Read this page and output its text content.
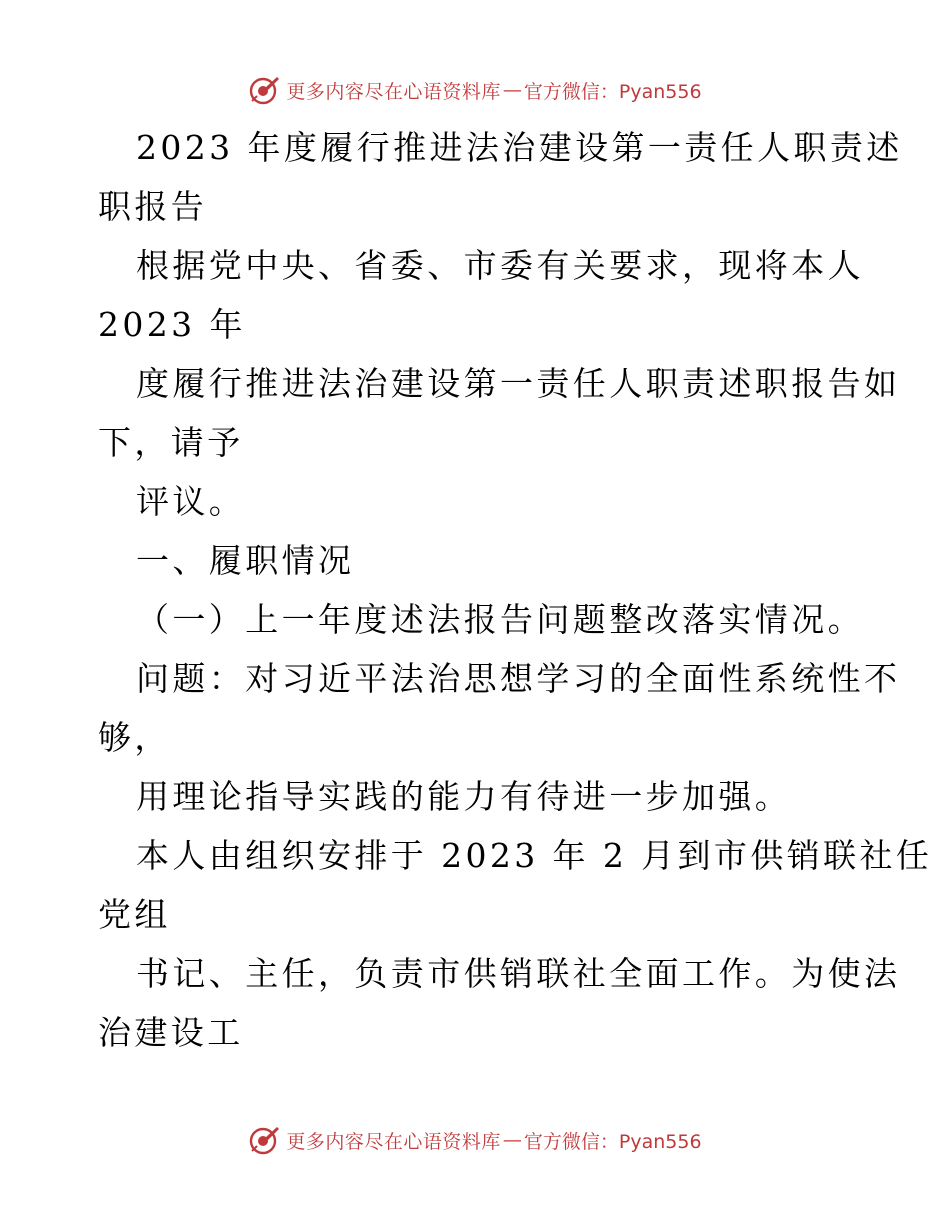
更多内容尽在心语资料库 — 官方微信：Pyan556
2023 年度履行推进法治建设第一责任人职责述
职报告
根据党中央、省委、市委有关要求，现将本人
2023 年
度履行推进法治建设第一责任人职责述职报告如
下，请予
评议。
一、履职情况
（一）上一年度述法报告问题整改落实情况。
问题：对习近平法治思想学习的全面性系统性不
够，
用理论指导实践的能力有待进一步加强。
本人由组织安排于 2023 年 2 月到市供销联社任
党组
书记、主任，负责市供销联社全面工作。为使法
治建设工
更多内容尽在心语资料库 — 官方微信：Pyan556
